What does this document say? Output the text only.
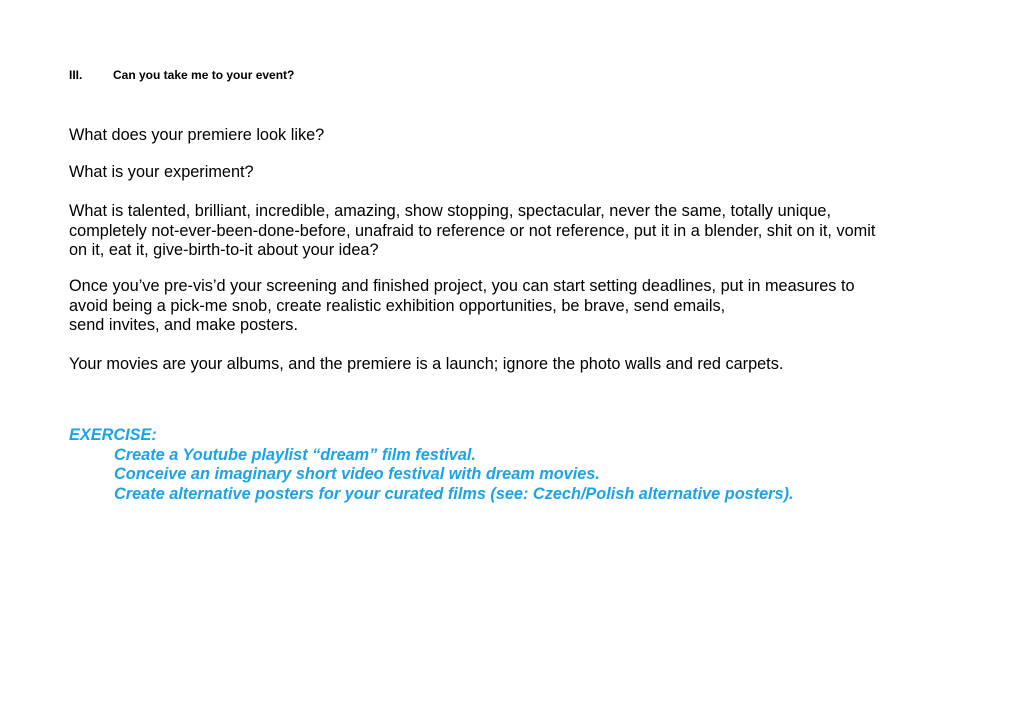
III.	Can you take me to your event?

What does your premiere look like?

What is your experiment?

What is talented, brilliant, incredible, amazing, show stopping, spectacular, never the same, totally unique,

completely not-ever-been-done-before, unafraid to reference or not reference, put it in a blender, shit on it, vomit

on it, eat it, give-birth-to-it about your idea?

Once you’ve pre-vis’d your screening and finished project, you can start setting deadlines, put in measures to

avoid being a pick-me snob, create realistic exhibition opportunities, be brave, send emails,

send invites, and make posters.

Your movies are your albums, and the premiere is a launch; ignore the photo walls and red carpets.

EXERCISE:
Create a Youtube playlist “dream” film festival.
Conceive an imaginary short video festival with dream movies.
Create alternative posters for your curated films (see: Czech/Polish alternative posters).
